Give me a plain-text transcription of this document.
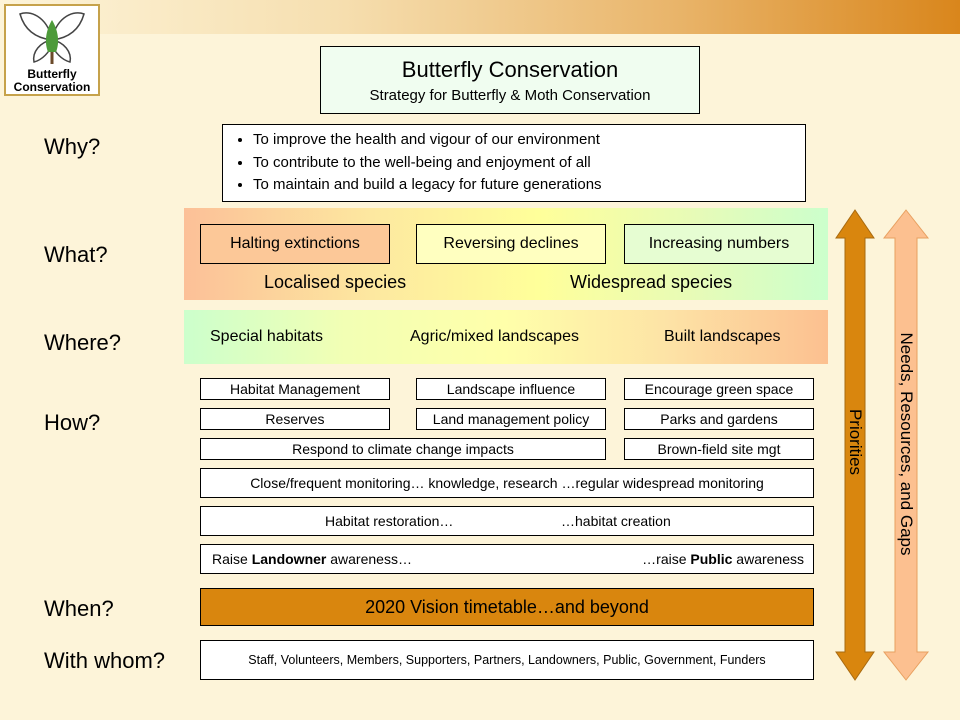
Butterfly
Conservation
Butterfly Conservation
Strategy for Butterfly & Moth Conservation
Why?
What?
Where?
How?
When?
With whom?
• To improve the health and vigour of our environment
• To contribute to the well-being and enjoyment of all
• To maintain and build a legacy for future generations
Halting extinctions	Reversing declines	Increasing numbers
Localised species	Widespread species
Special habitats	Agric/mixed landscapes	Built landscapes
Habitat Management	Landscape influence	Encourage green space
Reserves	Land management policy	Parks and gardens
Respond to climate change impacts	Brown-field site mgt
Close/frequent monitoring… knowledge, research …regular widespread monitoring
Habitat restoration…	…habitat creation
Raise Landowner awareness…	…raise Public awareness
2020 Vision timetable…and beyond
Staff, Volunteers, Members, Supporters, Partners, Landowners, Public, Government, Funders
Priorities Needs, Resources, and Gaps
